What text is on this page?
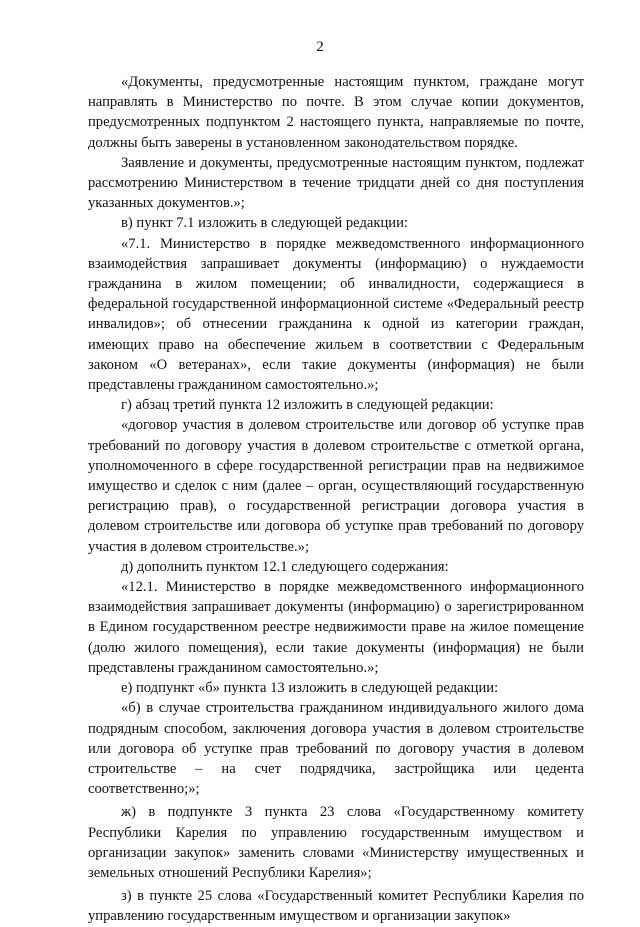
2

«Документы, предусмотренные настоящим пунктом, граждане могут направлять в Министерство по почте. В этом случае копии документов, предусмотренных подпунктом 2 настоящего пункта, направляемые по почте, должны быть заверены в установленном законодательством порядке.

Заявление и документы, предусмотренные настоящим пунктом, подлежат рассмотрению Министерством в течение тридцати дней со дня поступления указанных документов.»;

в) пункт 7.1 изложить в следующей редакции:

«7.1. Министерство в порядке межведомственного информационного взаимодействия запрашивает документы (информацию) о нуждаемости гражданина в жилом помещении; об инвалидности, содержащиеся в федеральной государственной информационной системе «Федеральный реестр инвалидов»; об отнесении гражданина к одной из категории граждан, имеющих право на обеспечение жильем в соответствии с Федеральным законом «О ветеранах», если такие документы (информация) не были представлены гражданином самостоятельно.»;

г) абзац третий пункта 12 изложить в следующей редакции:

«договор участия в долевом строительстве или договор об уступке прав требований по договору участия в долевом строительстве с отметкой органа, уполномоченного в сфере государственной регистрации прав на недвижимое имущество и сделок с ним (далее – орган, осуществляющий государственную регистрацию прав), о государственной регистрации договора участия в долевом строительстве или договора об уступке прав требований по договору участия в долевом строительстве.»;

д) дополнить пунктом 12.1 следующего содержания:

«12.1. Министерство в порядке межведомственного информационного взаимодействия запрашивает документы (информацию) о зарегистрированном в Едином государственном реестре недвижимости праве на жилое помещение (долю жилого помещения), если такие документы (информация) не были представлены гражданином самостоятельно.»;

е) подпункт «б» пункта 13 изложить в следующей редакции:

«б) в случае строительства гражданином индивидуального жилого дома подрядным способом, заключения договора участия в долевом строительстве или договора об уступке прав требований по договору участия в долевом строительстве – на счет подрядчика, застройщика или цедента соответственно;»;

ж) в подпункте 3 пункта 23 слова «Государственному комитету Республики Карелия по управлению государственным имуществом и организации закупок» заменить словами «Министерству имущественных и земельных отношений Республики Карелия»;

з) в пункте 25 слова «Государственный комитет Республики Карелия по управлению государственным имуществом и организации закупок»
